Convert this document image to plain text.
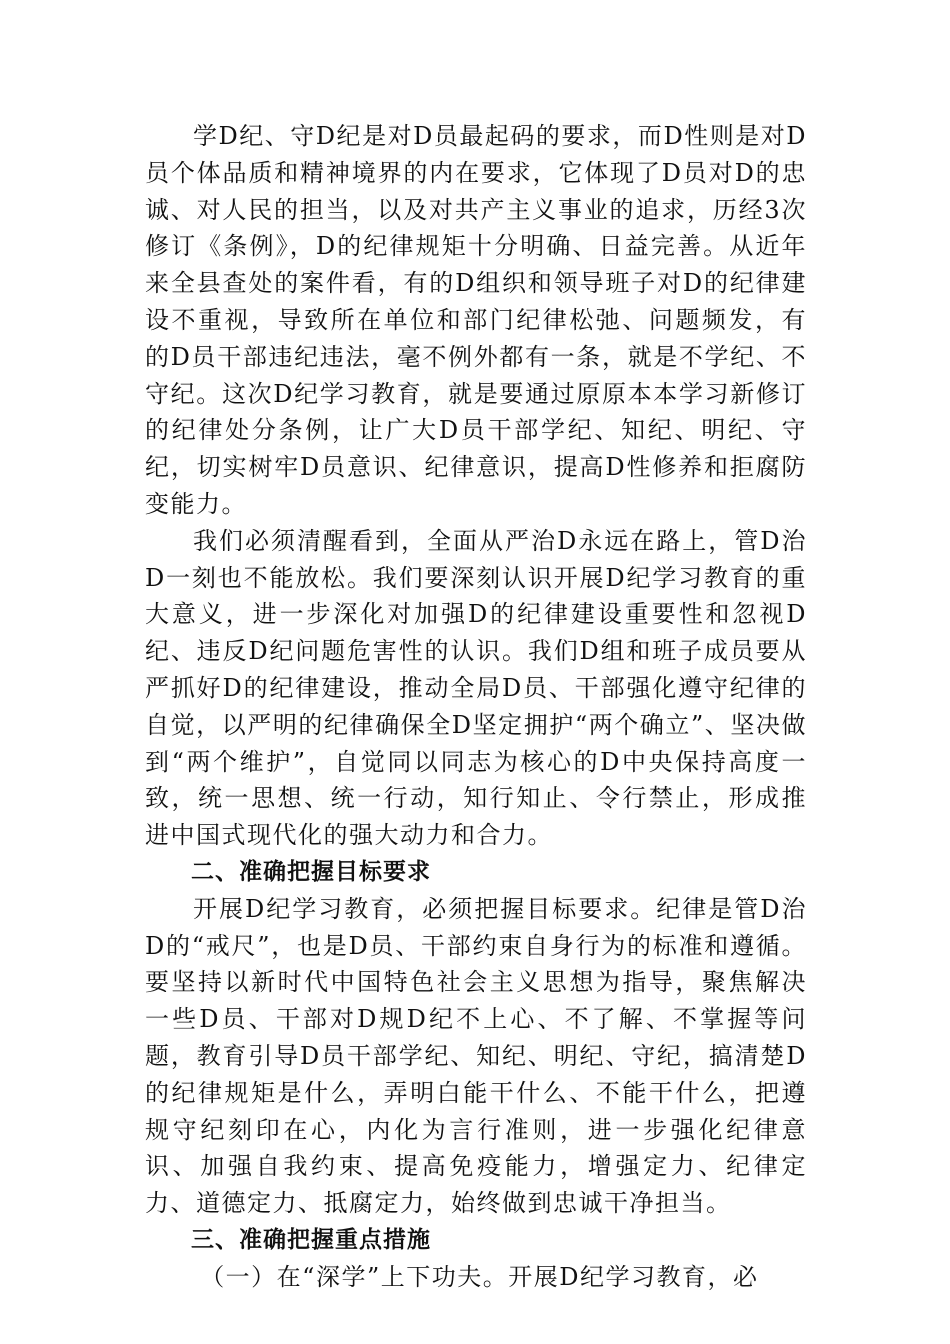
学D纪、守D纪是对D员最起码的要求，而D性则是对D员个体品质和精神境界的内在要求，它体现了D员对D的忠诚、对人民的担当，以及对共产主义事业的追求，历经3次修订《条例》，D的纪律规矩十分明确、日益完善。从近年来全县查处的案件看，有的D组织和领导班子对D的纪律建设不重视，导致所在单位和部门纪律松弛、问题频发，有的D员干部违纪违法，毫不例外都有一条，就是不学纪、不守纪。这次D纪学习教育，就是要通过原原本本学习新修订的纪律处分条例，让广大D员干部学纪、知纪、明纪、守纪，切实树牢D员意识、纪律意识，提高D性修养和拒腐防变能力。

我们必须清醒看到，全面从严治D永远在路上，管D治D一刻也不能放松。我们要深刻认识开展D纪学习教育的重大意义，进一步深化对加强D的纪律建设重要性和忽视D纪、违反D纪问题危害性的认识。我们D组和班子成员要从严抓好D的纪律建设，推动全局D员、干部强化遵守纪律的自觉，以严明的纪律确保全D坚定拥护“两个确立”、坚决做到“两个维护”，自觉同以同志为核心的D中央保持高度一致，统一思想、统一行动，知行知止、令行禁止，形成推进中国式现代化的强大动力和合力。

二、准确把握目标要求

开展D纪学习教育，必须把握目标要求。纪律是管D治D的“戒尺”，也是D员、干部约束自身行为的标准和遵循。要坚持以新时代中国特色社会主义思想为指导，聚焦解决一些D员、干部对D规D纪不上心、不了解、不掌握等问题，教育引导D员干部学纪、知纪、明纪、守纪，搞清楚D的纪律规矩是什么，弄明白能干什么、不能干什么，把遵规守纪刻印在心，内化为言行准则，进一步强化纪律意识、加强自我约束、提高免疫能力，增强定力、纪律定力、道德定力、抵腐定力，始终做到忠诚干净担当。

三、准确把握重点措施

（一）在“深学”上下功夫。开展D纪学习教育，必
